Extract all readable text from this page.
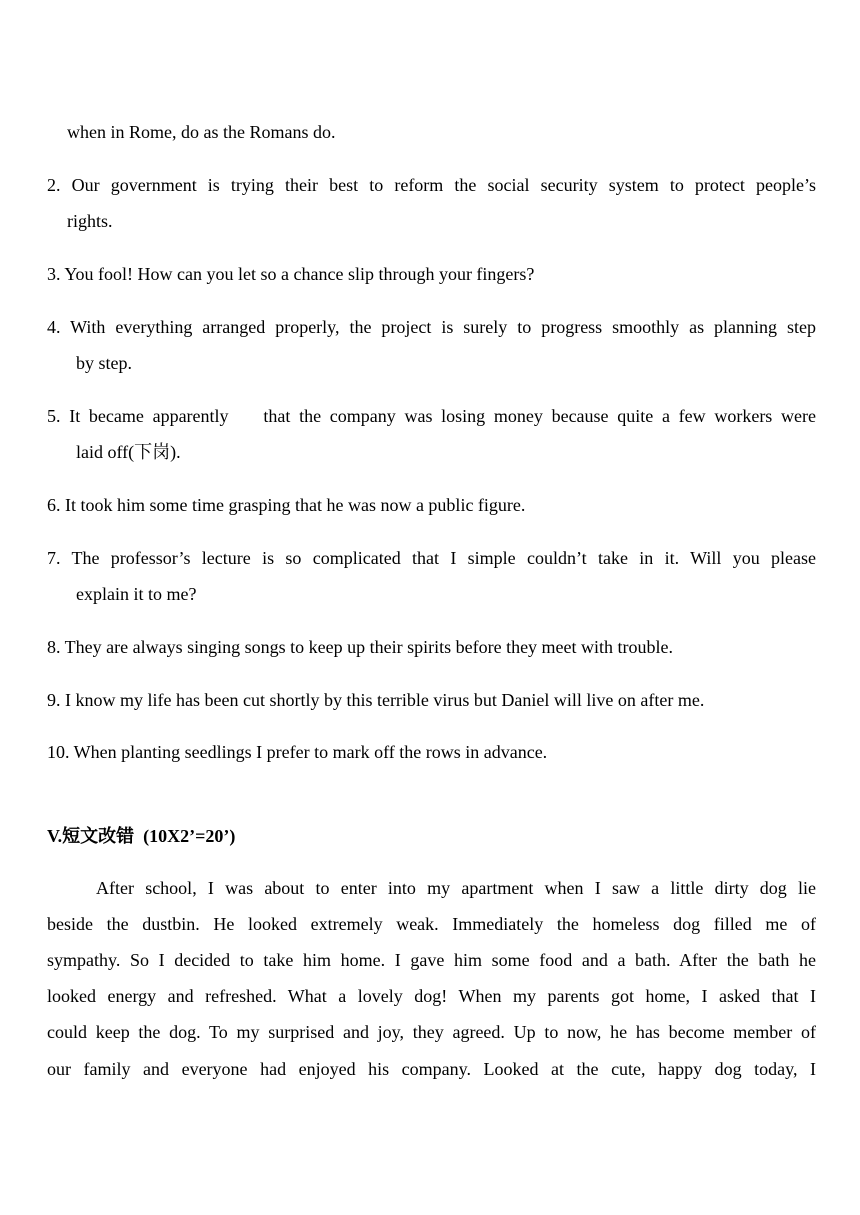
when in Rome, do as the Romans do.
2. Our government is trying their best to reform the social security system to protect people’s
rights.
3. You fool! How can you let so a chance slip through your fingers?
4. With everything arranged properly, the project is surely to progress smoothly as planning step
by step.
5. It became apparently    that the company was losing money because quite a few workers were
laid off(下岗).
6. It took him some time grasping that he was now a public figure.
7. The professor’s lecture is so complicated that I simple couldn’t take in it. Will you please
explain it to me?
8. They are always singing songs to keep up their spirits before they meet with trouble.
9. I know my life has been cut shortly by this terrible virus but Daniel will live on after me.
10. When planting seedlings I prefer to mark off the rows in advance.
V.短文改错  (10X2’=20’)
After school, I was about to enter into my apartment when I saw a little dirty dog lie
beside the dustbin. He looked extremely weak. Immediately the homeless dog filled me of
sympathy. So I decided to take him home. I gave him some food and a bath. After the bath he
looked energy and refreshed. What a lovely dog! When my parents got home, I asked that I
could keep the dog. To my surprised and joy, they agreed. Up to now, he has become member of
our family and everyone had enjoyed his company. Looked at the cute, happy dog today, I
